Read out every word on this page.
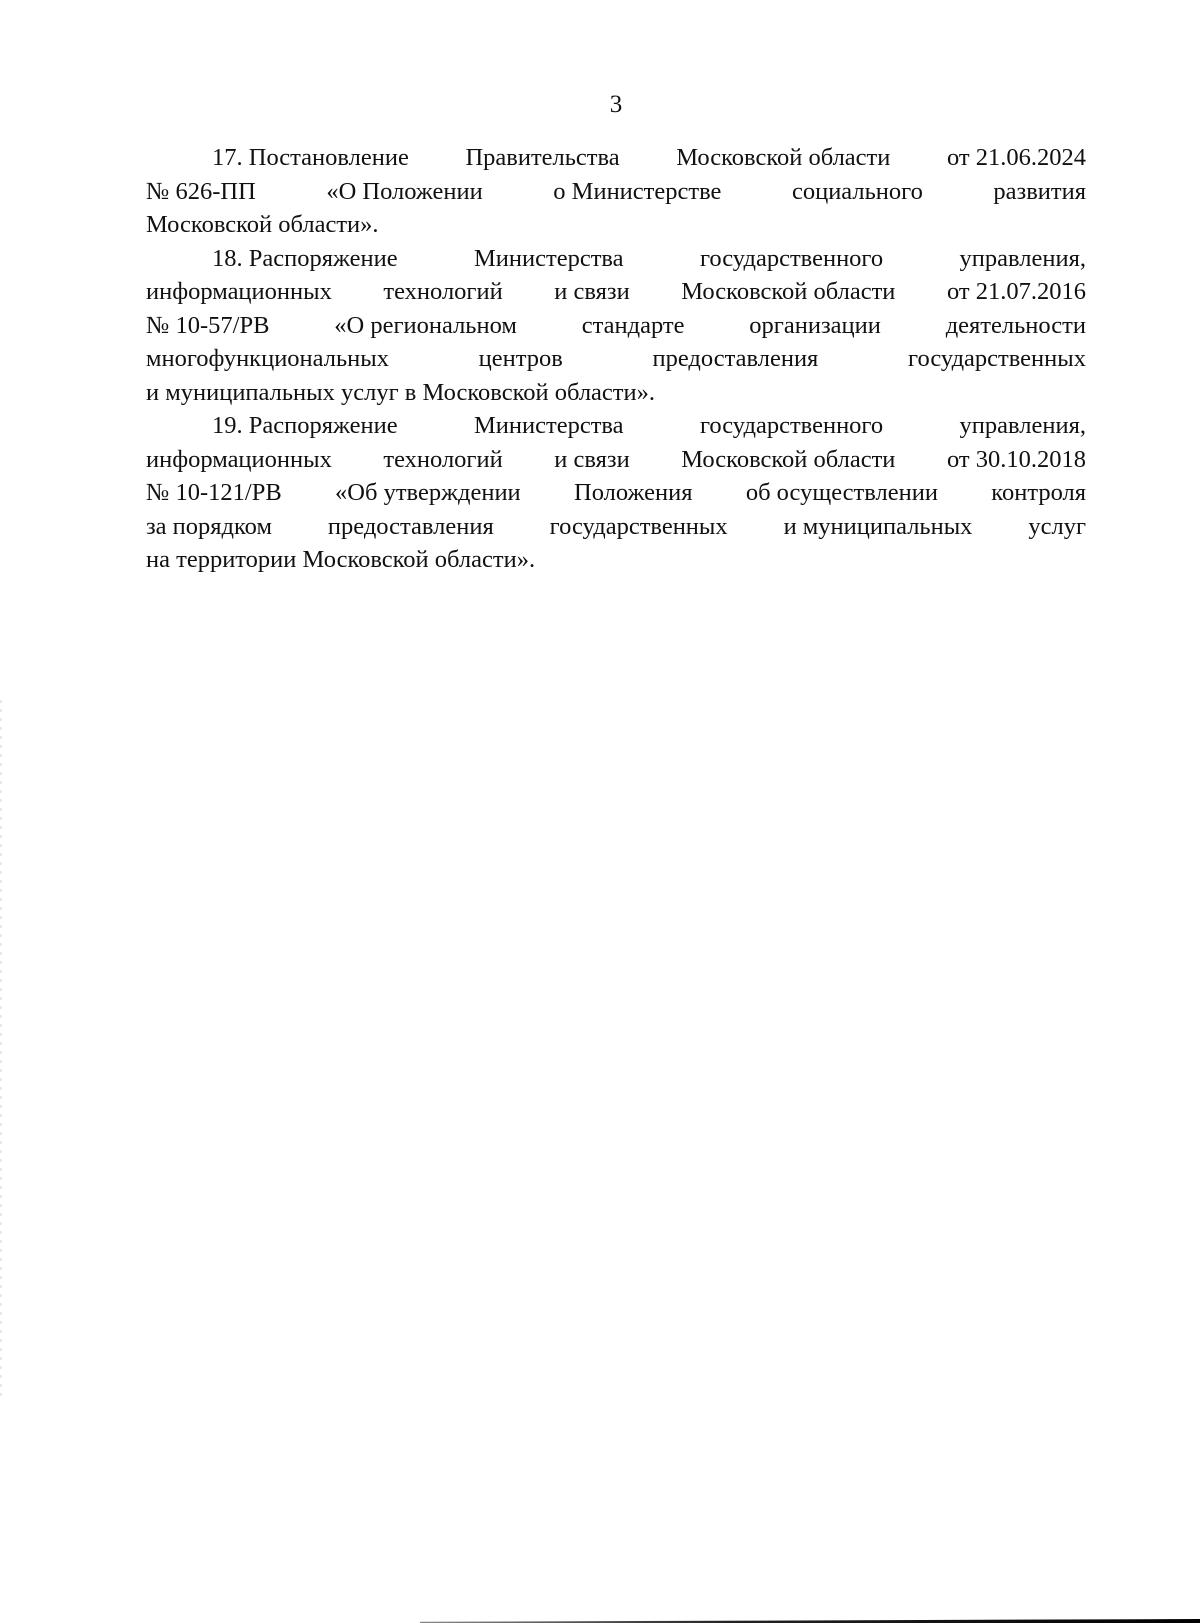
3
17. Постановление Правительства Московской области от 21.06.2024
№ 626-ПП	«О Положении	о Министерстве	социального	развития
Московской области».
18. Распоряжение	Министерства	государственного	управления,
информационных технологий и связи Московской области от 21.07.2016
№ 10-57/РВ	«О региональном	стандарте	организации	деятельности
многофункциональных	центров	предоставления	государственных
и муниципальных услуг в Московской области».
19. Распоряжение	Министерства	государственного	управления,
информационных технологий и связи Московской области от 30.10.2018
№ 10-121/РВ «Об утверждении Положения об осуществлении контроля
за порядком предоставления государственных и муниципальных услуг
на территории Московской области».
